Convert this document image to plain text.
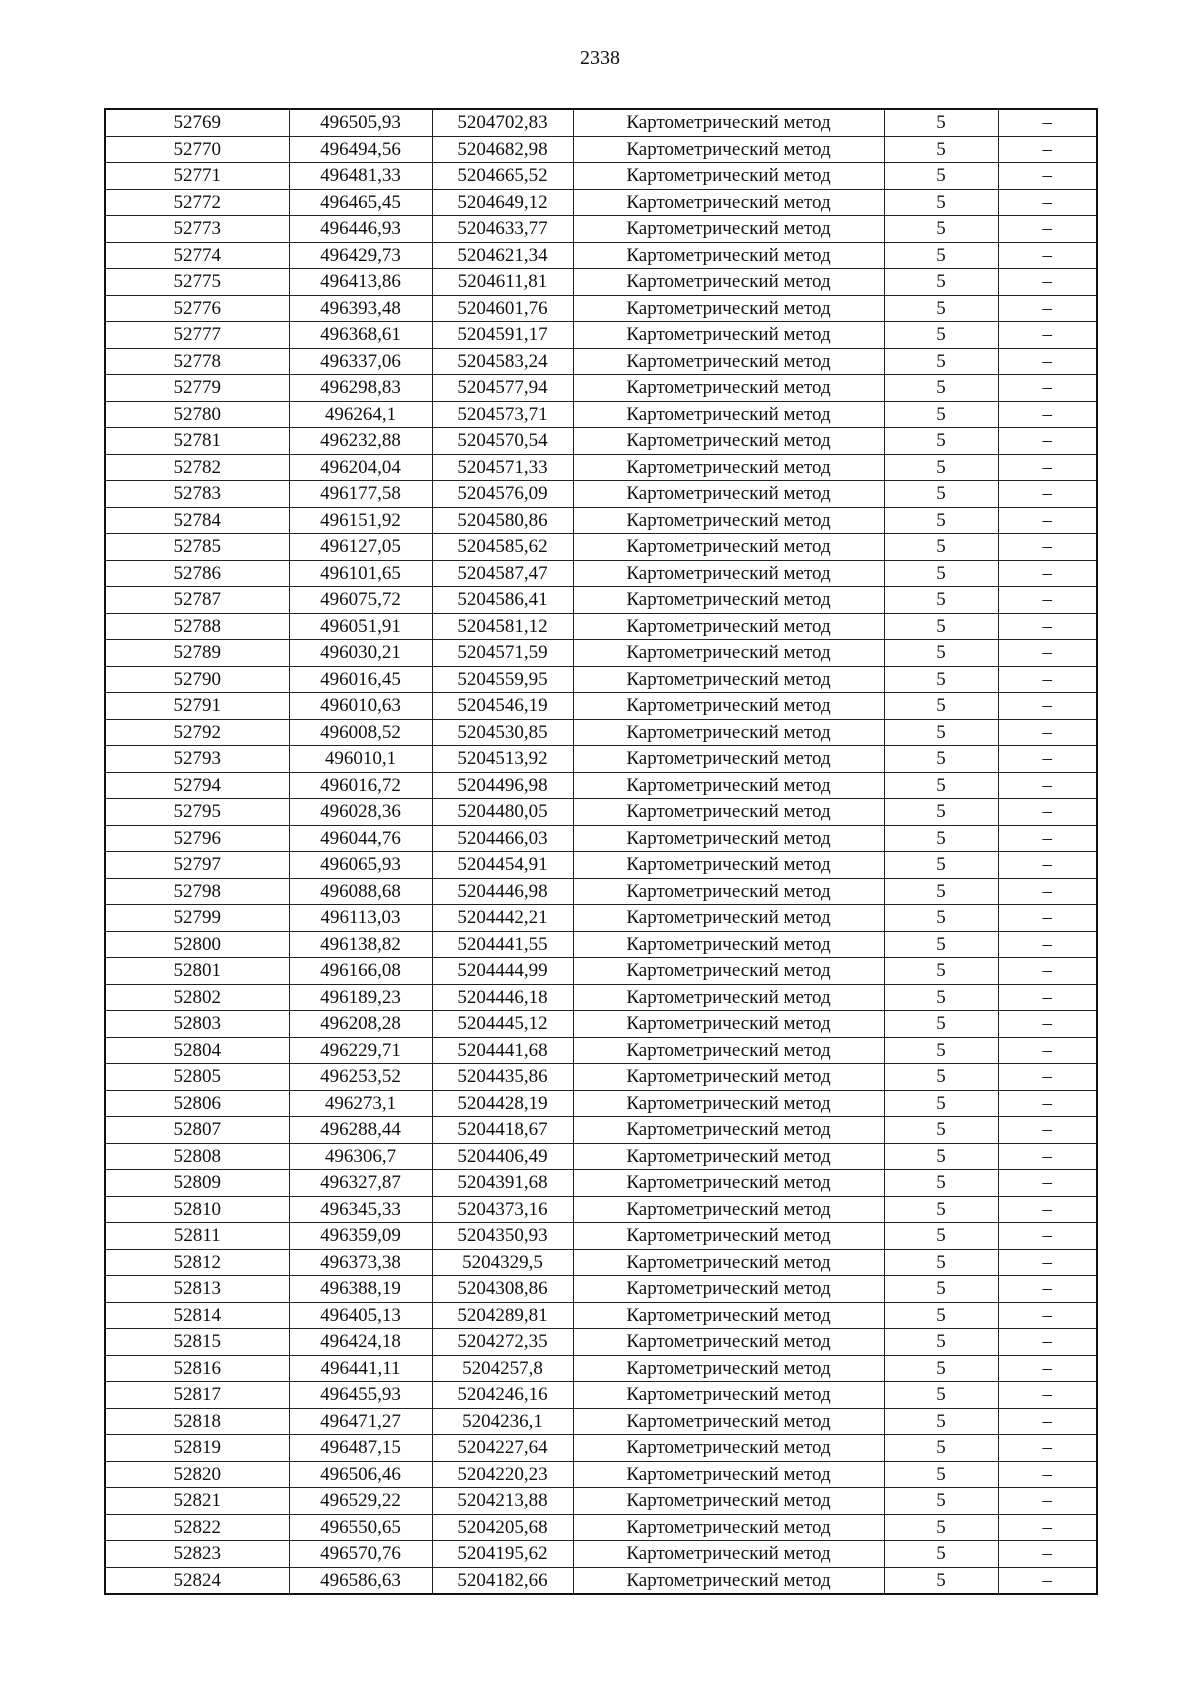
2338
52769	496505,93	5204702,83	Картометрический метод	5	–
52770	496494,56	5204682,98	Картометрический метод	5	–
52771	496481,33	5204665,52	Картометрический метод	5	–
52772	496465,45	5204649,12	Картометрический метод	5	–
52773	496446,93	5204633,77	Картометрический метод	5	–
52774	496429,73	5204621,34	Картометрический метод	5	–
52775	496413,86	5204611,81	Картометрический метод	5	–
52776	496393,48	5204601,76	Картометрический метод	5	–
52777	496368,61	5204591,17	Картометрический метод	5	–
52778	496337,06	5204583,24	Картометрический метод	5	–
52779	496298,83	5204577,94	Картометрический метод	5	–
52780	496264,1	5204573,71	Картометрический метод	5	–
52781	496232,88	5204570,54	Картометрический метод	5	–
52782	496204,04	5204571,33	Картометрический метод	5	–
52783	496177,58	5204576,09	Картометрический метод	5	–
52784	496151,92	5204580,86	Картометрический метод	5	–
52785	496127,05	5204585,62	Картометрический метод	5	–
52786	496101,65	5204587,47	Картометрический метод	5	–
52787	496075,72	5204586,41	Картометрический метод	5	–
52788	496051,91	5204581,12	Картометрический метод	5	–
52789	496030,21	5204571,59	Картометрический метод	5	–
52790	496016,45	5204559,95	Картометрический метод	5	–
52791	496010,63	5204546,19	Картометрический метод	5	–
52792	496008,52	5204530,85	Картометрический метод	5	–
52793	496010,1	5204513,92	Картометрический метод	5	–
52794	496016,72	5204496,98	Картометрический метод	5	–
52795	496028,36	5204480,05	Картометрический метод	5	–
52796	496044,76	5204466,03	Картометрический метод	5	–
52797	496065,93	5204454,91	Картометрический метод	5	–
52798	496088,68	5204446,98	Картометрический метод	5	–
52799	496113,03	5204442,21	Картометрический метод	5	–
52800	496138,82	5204441,55	Картометрический метод	5	–
52801	496166,08	5204444,99	Картометрический метод	5	–
52802	496189,23	5204446,18	Картометрический метод	5	–
52803	496208,28	5204445,12	Картометрический метод	5	–
52804	496229,71	5204441,68	Картометрический метод	5	–
52805	496253,52	5204435,86	Картометрический метод	5	–
52806	496273,1	5204428,19	Картометрический метод	5	–
52807	496288,44	5204418,67	Картометрический метод	5	–
52808	496306,7	5204406,49	Картометрический метод	5	–
52809	496327,87	5204391,68	Картометрический метод	5	–
52810	496345,33	5204373,16	Картометрический метод	5	–
52811	496359,09	5204350,93	Картометрический метод	5	–
52812	496373,38	5204329,5	Картометрический метод	5	–
52813	496388,19	5204308,86	Картометрический метод	5	–
52814	496405,13	5204289,81	Картометрический метод	5	–
52815	496424,18	5204272,35	Картометрический метод	5	–
52816	496441,11	5204257,8	Картометрический метод	5	–
52817	496455,93	5204246,16	Картометрический метод	5	–
52818	496471,27	5204236,1	Картометрический метод	5	–
52819	496487,15	5204227,64	Картометрический метод	5	–
52820	496506,46	5204220,23	Картометрический метод	5	–
52821	496529,22	5204213,88	Картометрический метод	5	–
52822	496550,65	5204205,68	Картометрический метод	5	–
52823	496570,76	5204195,62	Картометрический метод	5	–
52824	496586,63	5204182,66	Картометрический метод	5	–
